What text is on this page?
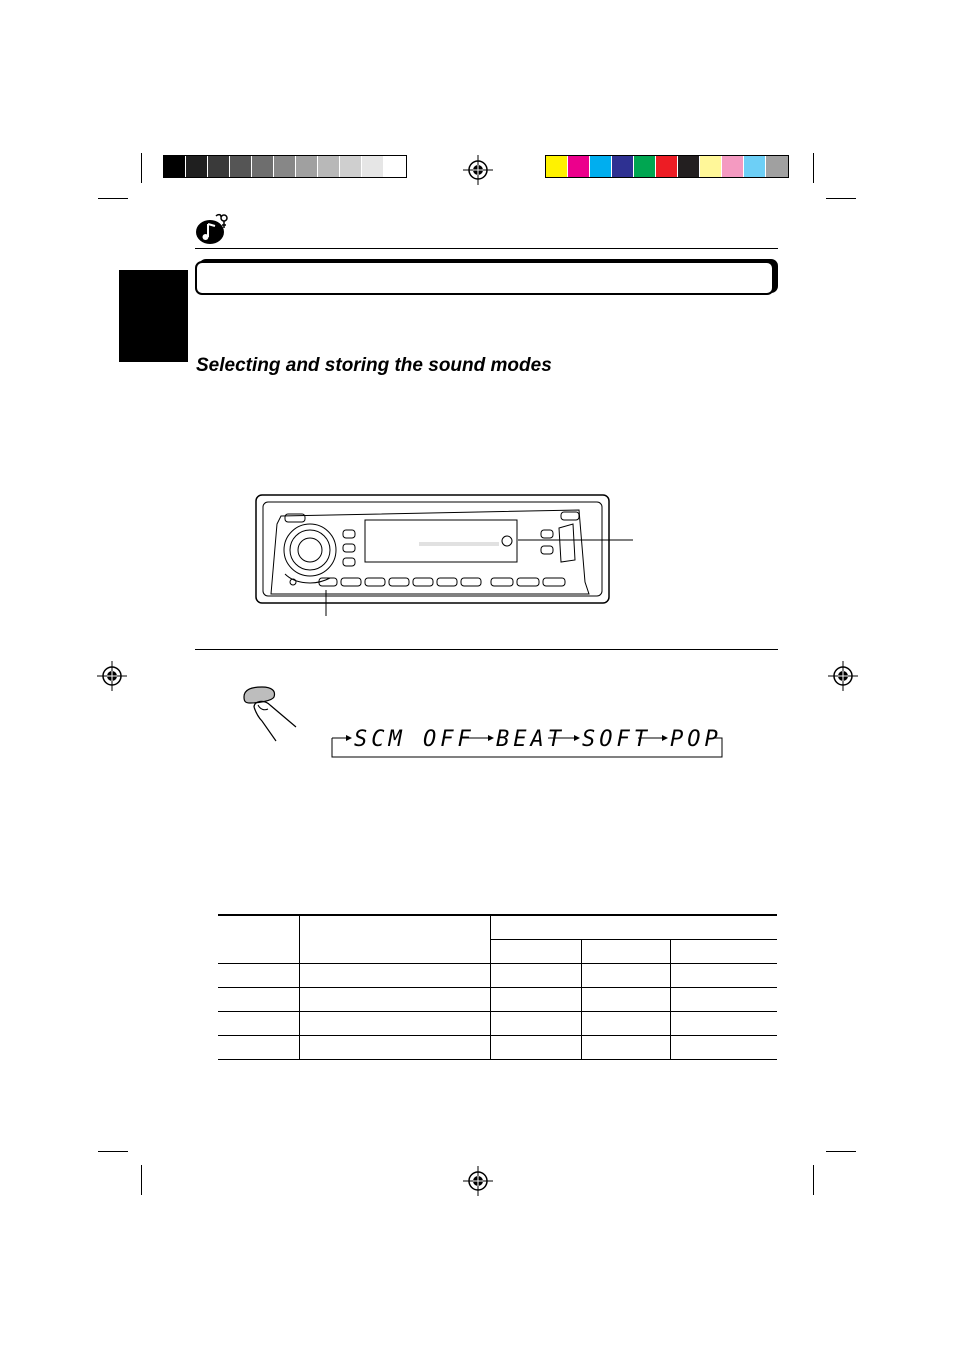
Selecting and storing the sound modes
SCM OFF BEAT SOFT POP
